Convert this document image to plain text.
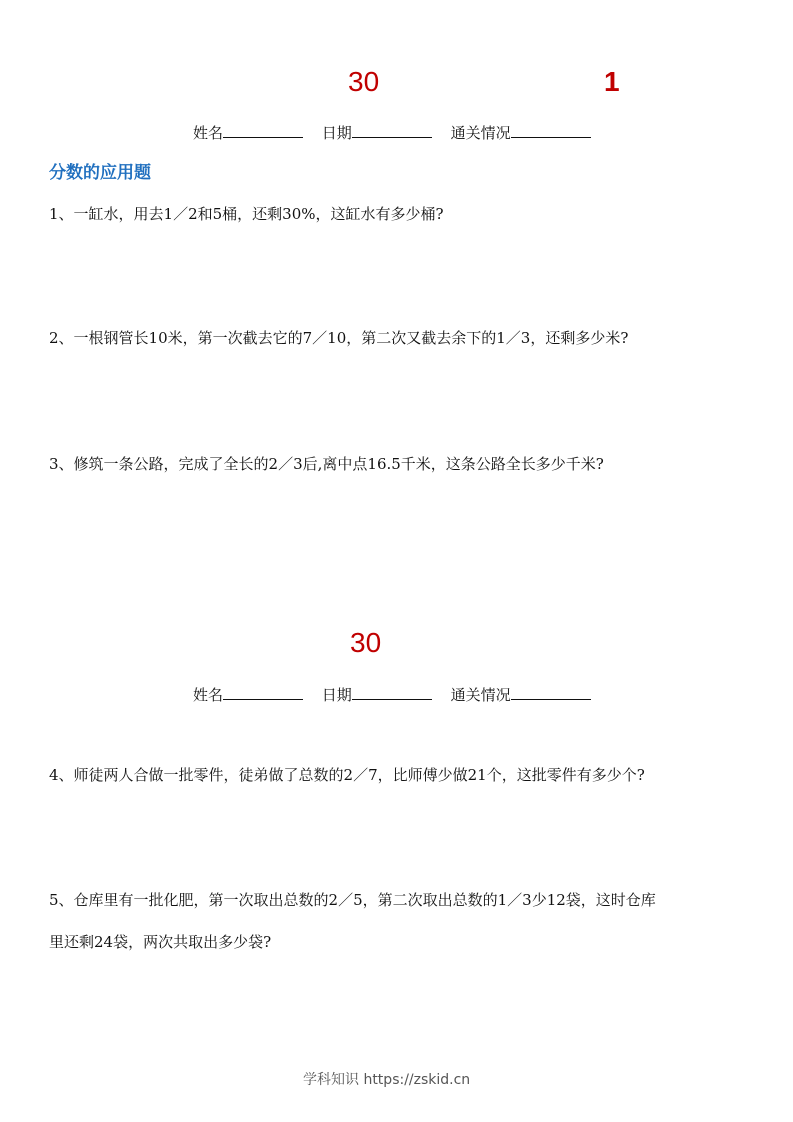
30	1
姓名	日期	通关情况
分数的应用题
1、一缸水，用去1／2和5桶，还剩30%，这缸水有多少桶?
2、一根钢管长10米，第一次截去它的7／10，第二次又截去余下的1／3，还剩多少米?
3、修筑一条公路，完成了全长的2／3后,离中点16.5千米，这条公路全长多少千米?
30
姓名	日期	通关情况
4、师徒两人合做一批零件，徒弟做了总数的2／7，比师傅少做21个，这批零件有多少个?
5、仓库里有一批化肥，第一次取出总数的2／5，第二次取出总数的1／3少12袋，这时仓库
里还剩24袋，两次共取出多少袋?
学科知识 https://zskid.cn
